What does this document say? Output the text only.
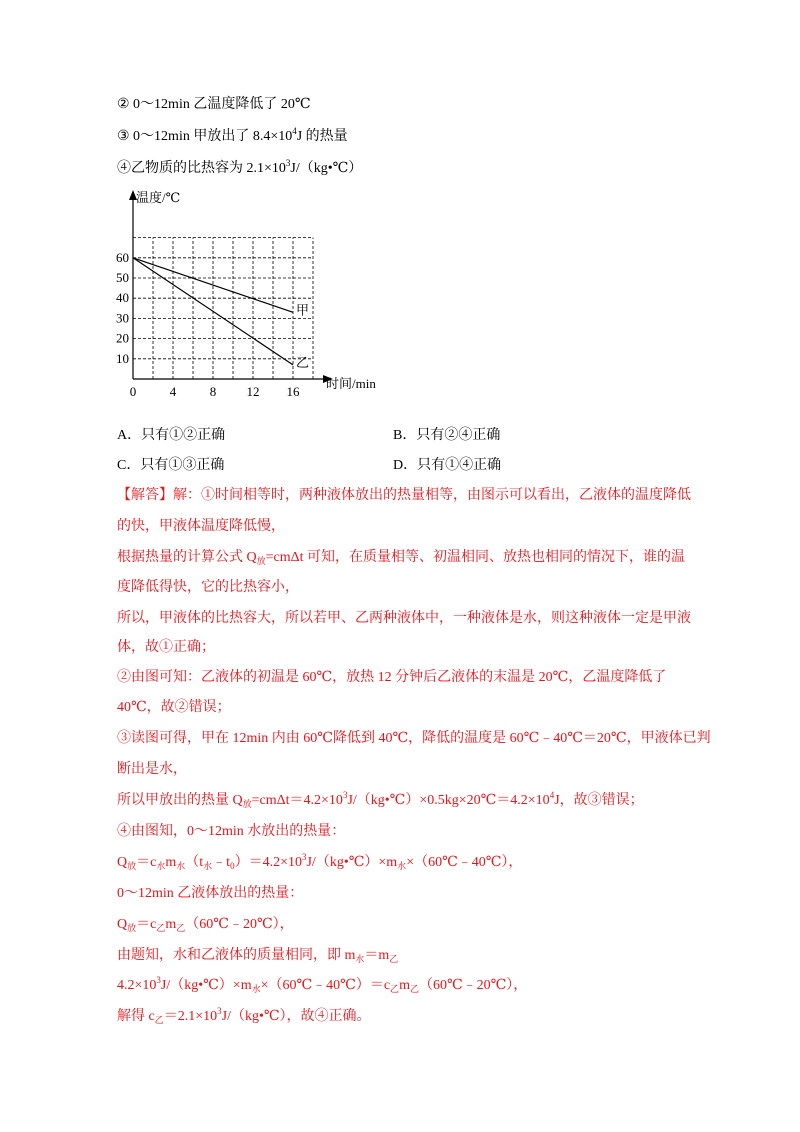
② 0～12min 乙温度降低了 20℃
③ 0～12min 甲放出了 $8.4\times 10^4J$ 的热量
④乙物质的比热容为 $2.1\times 10^3J/(kg•℃)$
0	4	8 12 16
10
20
30
40
50
60
甲
乙
温度/℃
时间/min
A．只有①②正确	B．只有②④正确
C．只有①③正确	D．只有①④正确
【解答】解：①时间相等时，两种液体放出的热量相等，由图示可以看出，乙液体的温度降低
的快，甲液体温度降低慢，
根据热量的计算公式 $Q_放=cm\Delta t$ 可知，在质量相等、初温相同、放热也相同的情况下，谁的温
度降低得快，它的比热容小，
所以，甲液体的比热容大，所以若甲、乙两种液体中，一种液体是水，则这种液体一定是甲液
体，故①正确；
②由图可知：乙液体的初温是 60℃，放热 12 分钟后乙液体的末温是 20℃，乙温度降低了
40℃，故②错误；
③读图可得，甲在 12min 内由 60℃降低到 40℃，降低的温度是 60℃﹣40℃＝20℃，甲液体已判
断出是水，
所以甲放出的热量 $Q_放=cm\Delta t=4.2\times 10^3J/(kg•℃)\times 0.5kg\times 20℃=4.2\times 10^4J$，故③错误；
④由图知，0～12min 水放出的热量：
$Q_放=c_水m_水(t_水﹣t_0)=4.2\times 10^3J/(kg•℃)\times m_水\times(60℃﹣40℃)$，
0～12min 乙液体放出的热量：
$Q_放=c_乙m_乙(60℃﹣20℃)$，
由题知，水和乙液体的质量相同，即 $m_水=m_乙$
$4.2\times 10^3J/(kg•℃)\times m_水\times(60℃﹣40℃)=c_乙m_乙(60℃﹣20℃)$，
解得 $c_乙=2.1\times 10^3J/(kg•℃)$，故④正确。
